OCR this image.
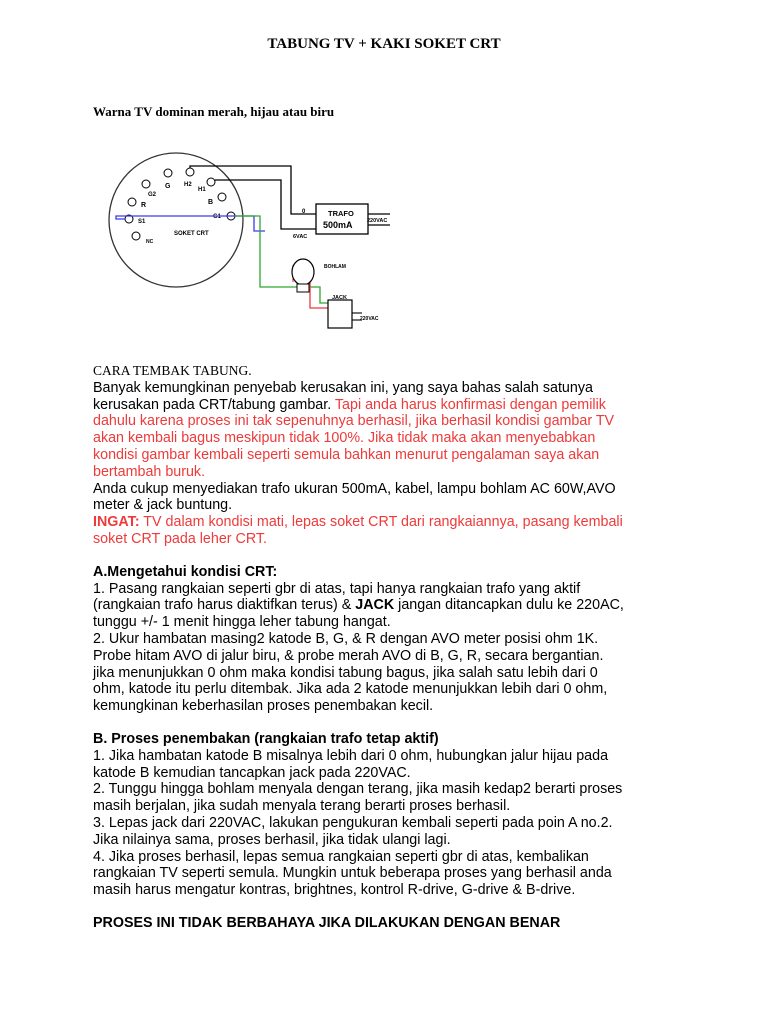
TABUNG TV + KAKI SOKET CRT
Warna TV dominan merah, hijau atau biru
G H2
H1
G2
R	B
G1
S1
NC
SOKET CRT
TRAFO
500mA
0
6VAC
220VAC
BOHLAM
JACK
220VAC
CARA TEMBAK TABUNG.
Banyak kemungkinan penyebab kerusakan ini, yang saya bahas salah satunya
kerusakan pada CRT/tabung gambar. Tapi anda harus konfirmasi dengan pemilik
dahulu karena proses ini tak sepenuhnya berhasil, jika berhasil kondisi gambar TV
akan kembali bagus meskipun tidak 100%. Jika tidak maka akan menyebabkan
kondisi gambar kembali seperti semula bahkan menurut pengalaman saya akan
bertambah buruk.
Anda cukup menyediakan trafo ukuran 500mA, kabel, lampu bohlam AC 60W,AVO
meter & jack buntung.
INGAT: TV dalam kondisi mati, lepas soket CRT dari rangkaiannya, pasang kembali
soket CRT pada leher CRT.
A.Mengetahui kondisi CRT:
1. Pasang rangkaian seperti gbr di atas, tapi hanya rangkaian trafo yang aktif
(rangkaian trafo harus diaktifkan terus) & JACK jangan ditancapkan dulu ke 220AC,
tunggu +/- 1 menit hingga leher tabung hangat.
2. Ukur hambatan masing2 katode B, G, & R dengan AVO meter posisi ohm 1K.
Probe hitam AVO di jalur biru, & probe merah AVO di B, G, R, secara bergantian.
jika menunjukkan 0 ohm maka kondisi tabung bagus, jika salah satu lebih dari 0
ohm, katode itu perlu ditembak. Jika ada 2 katode menunjukkan lebih dari 0 ohm,
kemungkinan keberhasilan proses penembakan kecil.
B. Proses penembakan (rangkaian trafo tetap aktif)
1. Jika hambatan katode B misalnya lebih dari 0 ohm, hubungkan jalur hijau pada
katode B kemudian tancapkan jack pada 220VAC.
2. Tunggu hingga bohlam menyala dengan terang, jika masih kedap2 berarti proses
masih berjalan, jika sudah menyala terang berarti proses berhasil.
3. Lepas jack dari 220VAC, lakukan pengukuran kembali seperti pada poin A no.2.
Jika nilainya sama, proses berhasil, jika tidak ulangi lagi.
4. Jika proses berhasil, lepas semua rangkaian seperti gbr di atas, kembalikan
rangkaian TV seperti semula. Mungkin untuk beberapa proses yang berhasil anda
masih harus mengatur kontras, brightnes, kontrol R-drive, G-drive & B-drive.
PROSES INI TIDAK BERBAHAYA JIKA DILAKUKAN DENGAN BENAR
